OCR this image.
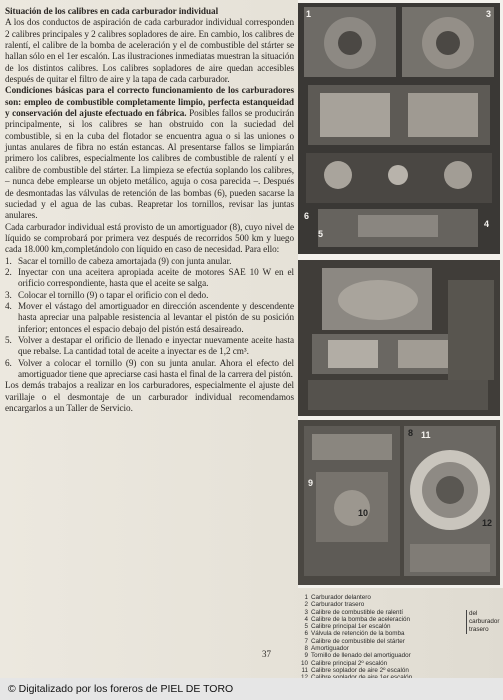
Situación de los calibres en cada carburador individual

A los dos conductos de aspiración de cada carburador individual corresponden 2 calibres principales y 2 calibres sopladores de aire. En cambio, los calibres de ralentí, el calibre de la bomba de aceleración y el de combustible del stárter se hallan sólo en el 1er escalón. Las ilustraciones inmediatas muestran la situación de los distintos calibres. Los calibres sopladores de aire quedan accesibles después de quitar el filtro de aire y la tapa de cada carburador.

Condiciones básicas para el correcto funcionamiento de los carburadores son: empleo de combustible completamente limpio, perfecta estanqueidad y conservación del ajuste efectuado en fábrica. Posibles fallos se producirán principalmente, si los calibres se han obstruido con la suciedad del combustible, si en la cuba del flotador se encuentra agua o si las uniones o juntas anulares de fibra no están estancas. Al presentarse fallos se limpiarán primero los calibres, especialmente los calibres de combustible de ralentí y el calibre de combustible del stárter. La limpieza se efectúa soplando los calibres, – nunca debe emplearse un objeto metálico, aguja o cosa parecida –. Después de desmontadas las válvulas de retención de las bombas (6), pueden sacarse la suciedad y el agua de las cubas. Reapretar los tornillos, revisar las juntas anulares.

Cada carburador individual está provisto de un amortiguador (8), cuyo nivel de líquido se comprobará por primera vez después de recorridos 500 km y luego cada 18.000 km,completándolo con líquido en caso de necesidad. Para ello:

1. Sacar el tornillo de cabeza amortajada (9) con junta anular.
2. Inyectar con una aceitera apropiada aceite de motores SAE 10 W en el orificio correspondiente, hasta que el aceite se salga.
3. Colocar el tornillo (9) o tapar el orificio con el dedo.
4. Mover el vástago del amortiguador en dirección ascendente y descendente hasta apreciar una palpable resistencia al levantar el pistón de su posición inferior; entonces el espacio debajo del pistón está desaireado.
5. Volver a destapar el orificio de llenado e inyectar nuevamente aceite hasta que rebalse. La cantidad total de aceite a inyectar es de 1,2 cm³.
6. Volver a colocar el tornillo (9) con su junta anular. Ahora el efecto del amortiguador tiene que apreciarse casi hasta el final de la carrera del pistón.

Los demás trabajos a realizar en los carburadores, especialmente el ajuste del varillaje o el desmontaje de un carburador individual recomendamos encargarlos a un Taller de Servicio.

1	3
6
5
4
8 11
9
10
12
1 Carburador delantero
2 Carburador trasero
3 Calibre de combustible de ralentí
4 Calibre de la bomba de aceleración
5 Calibre principal 1er escalón
6 Válvula de retención de la bomba
7 Calibre de combustible del stárter
8 Amortiguador
9 Tornillo de llenado del amortiguador
10 Calibre principal 2º escalón
11 Calibre soplador de aire 2º escalón
del
carburador
trasero
37
© Digitalizado por los foreros de PIEL DE TORO
